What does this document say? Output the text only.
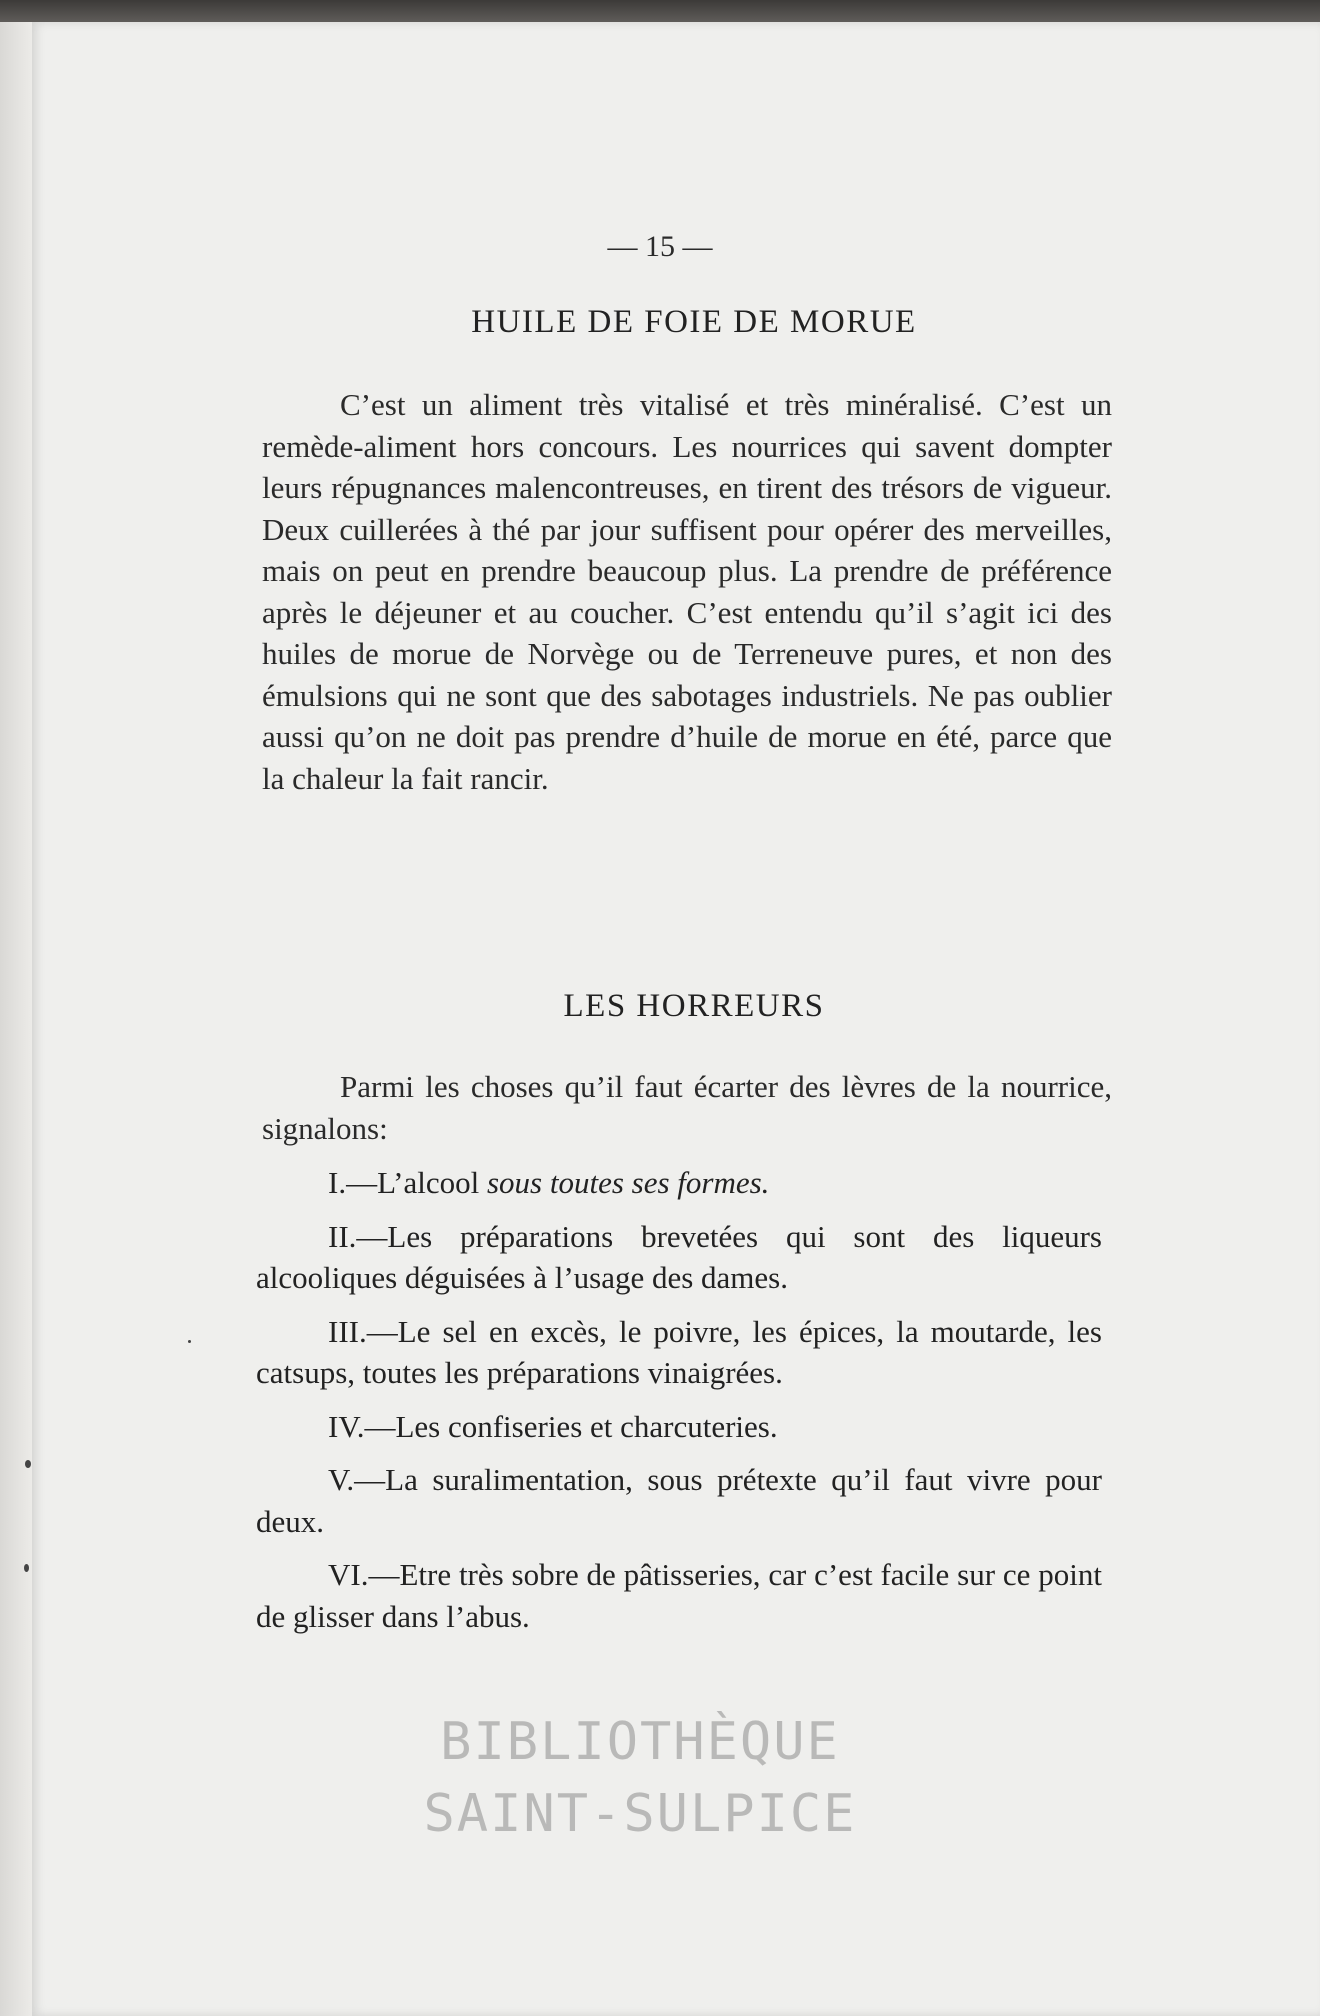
— 15 —
HUILE DE FOIE DE MORUE

C’est un aliment très vitalisé et très minéralisé. C’est un remède-aliment hors concours. Les nourrices qui savent dompter leurs répugnances malencontreuses, en tirent des trésors de vigueur. Deux cuillerées à thé par jour suffisent pour opérer des merveilles, mais on peut en prendre beaucoup plus. La prendre de préférence après le déjeuner et au coucher. C’est entendu qu’il s’agit ici des huiles de morue de Norvège ou de Terreneuve pures, et non des émulsions qui ne sont que des sabotages industriels. Ne pas oublier aussi qu’on ne doit pas prendre d’huile de morue en été, parce que la chaleur la fait rancir.

LES HORREURS

Parmi les choses qu’il faut écarter des lèvres de la nourrice, signalons:

I.—L’alcool sous toutes ses formes.

II.—Les préparations brevetées qui sont des liqueurs alcooliques déguisées à l’usage des dames.

III.—Le sel en excès, le poivre, les épices, la moutarde, les catsups, toutes les préparations vinaigrées.

IV.—Les confiseries et charcuteries.

V.—La suralimentation, sous prétexte qu’il faut vivre pour deux.

VI.—Etre très sobre de pâtisseries, car c’est facile sur ce point de glisser dans l’abus.

BIBLIOTHÈQUE
SAINT-SULPICE
